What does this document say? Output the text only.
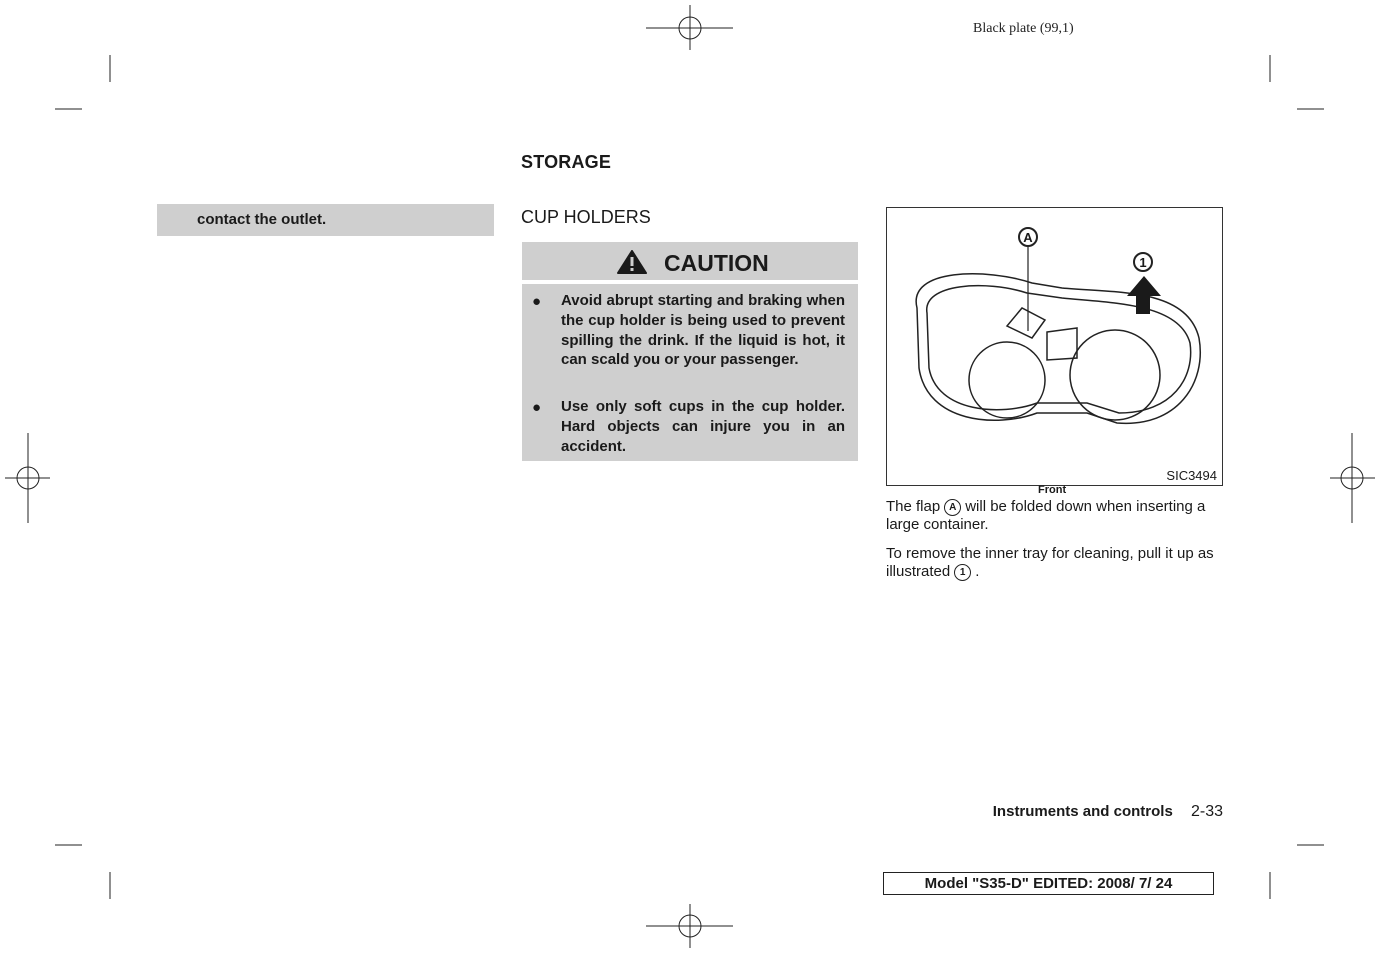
Black plate (99,1)
contact the outlet.
STORAGE
CUP HOLDERS
CAUTION
● Avoid abrupt starting and braking when the cup holder is being used to prevent spilling the drink. If the liquid is hot, it can scald you or your passenger.
● Use only soft cups in the cup holder. Hard objects can injure you in an accident.
A
1
SIC3494
Front
The flap A will be folded down when inserting a large container.
To remove the inner tray for cleaning, pull it up as illustrated 1 .
Instruments and controls 2-33
Model "S35-D" EDITED: 2008/ 7/ 24
